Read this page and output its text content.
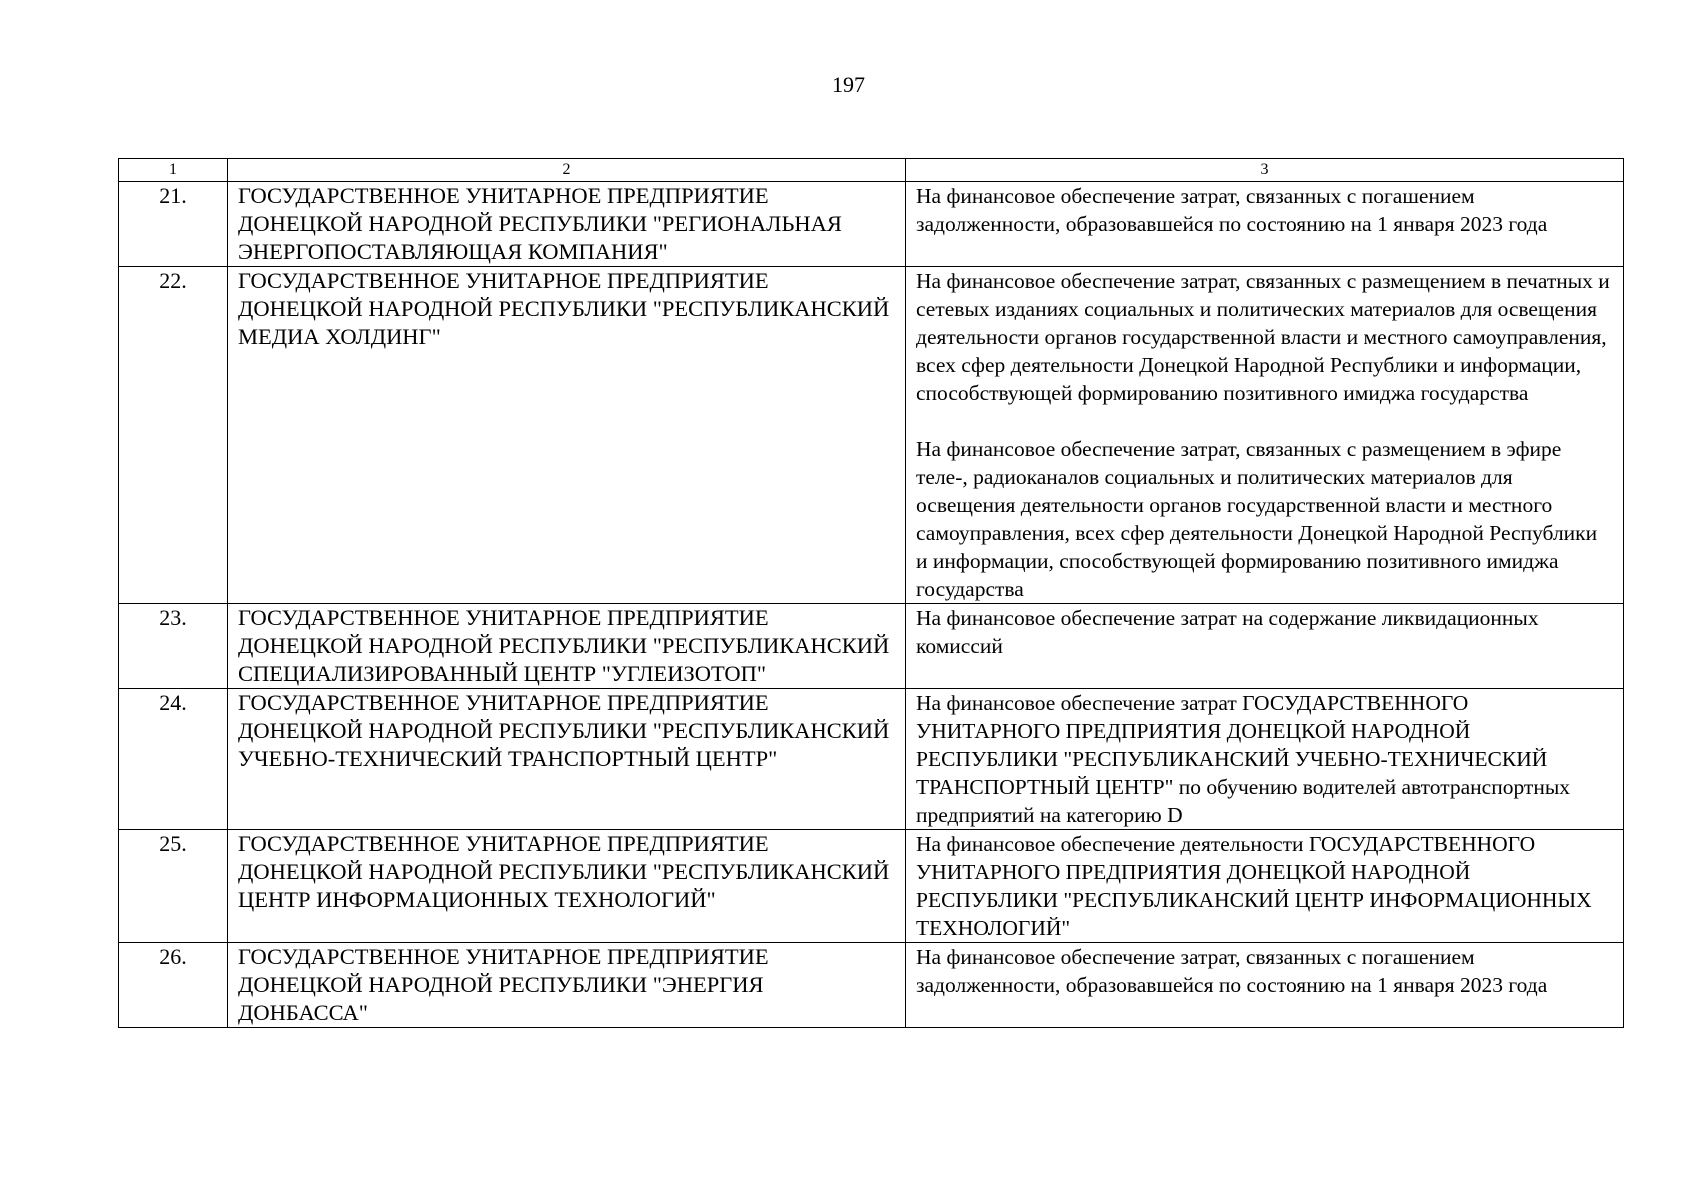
197
1	2	3
21.	ГОСУДАРСТВЕННОЕ УНИТАРНОЕ ПРЕДПРИЯТИЕ ДОНЕЦКОЙ НАРОДНОЙ РЕСПУБЛИКИ "РЕГИОНАЛЬНАЯ ЭНЕРГОПОСТАВЛЯЮЩАЯ КОМПАНИЯ"	На финансовое обеспечение затрат, связанных с погашением задолженности, образовавшейся по состоянию на 1 января 2023 года

22.	ГОСУДАРСТВЕННОЕ УНИТАРНОЕ ПРЕДПРИЯТИЕ ДОНЕЦКОЙ НАРОДНОЙ РЕСПУБЛИКИ "РЕСПУБЛИКАНСКИЙ МЕДИА ХОЛДИНГ"	На финансовое обеспечение затрат, связанных с размещением в печатных и сетевых изданиях социальных и политических материалов для освещения деятельности органов государственной власти и местного самоуправления, всех сфер деятельности Донецкой Народной Республики и информации, способствующей формированию позитивного имиджа государства
На финансовое обеспечение затрат, связанных с размещением в эфире теле-, радиоканалов социальных и политических материалов для освещения деятельности органов государственной власти и местного самоуправления, всех сфер деятельности Донецкой Народной Республики и информации, способствующей формированию позитивного имиджа государства

23.	ГОСУДАРСТВЕННОЕ УНИТАРНОЕ ПРЕДПРИЯТИЕ ДОНЕЦКОЙ НАРОДНОЙ РЕСПУБЛИКИ "РЕСПУБЛИКАНСКИЙ СПЕЦИАЛИЗИРОВАННЫЙ ЦЕНТР "УГЛЕИЗОТОП"	На финансовое обеспечение затрат на содержание ликвидационных комиссий

24.	ГОСУДАРСТВЕННОЕ УНИТАРНОЕ ПРЕДПРИЯТИЕ ДОНЕЦКОЙ НАРОДНОЙ РЕСПУБЛИКИ "РЕСПУБЛИКАНСКИЙ УЧЕБНО-ТЕХНИЧЕСКИЙ ТРАНСПОРТНЫЙ ЦЕНТР"	На финансовое обеспечение затрат ГОСУДАРСТВЕННОГО УНИТАРНОГО ПРЕДПРИЯТИЯ ДОНЕЦКОЙ НАРОДНОЙ РЕСПУБЛИКИ "РЕСПУБЛИКАНСКИЙ УЧЕБНО-ТЕХНИЧЕСКИЙ ТРАНСПОРТНЫЙ ЦЕНТР" по обучению водителей автотранспортных предприятий на категорию D

25.	ГОСУДАРСТВЕННОЕ УНИТАРНОЕ ПРЕДПРИЯТИЕ ДОНЕЦКОЙ НАРОДНОЙ РЕСПУБЛИКИ "РЕСПУБЛИКАНСКИЙ ЦЕНТР ИНФОРМАЦИОННЫХ ТЕХНОЛОГИЙ"	На финансовое обеспечение деятельности ГОСУДАРСТВЕННОГО УНИТАРНОГО ПРЕДПРИЯТИЯ ДОНЕЦКОЙ НАРОДНОЙ РЕСПУБЛИКИ "РЕСПУБЛИКАНСКИЙ ЦЕНТР ИНФОРМАЦИОННЫХ ТЕХНОЛОГИЙ"

26.	ГОСУДАРСТВЕННОЕ УНИТАРНОЕ ПРЕДПРИЯТИЕ ДОНЕЦКОЙ НАРОДНОЙ РЕСПУБЛИКИ "ЭНЕРГИЯ ДОНБАССА"	На финансовое обеспечение затрат, связанных с погашением задолженности, образовавшейся по состоянию на 1 января 2023 года
